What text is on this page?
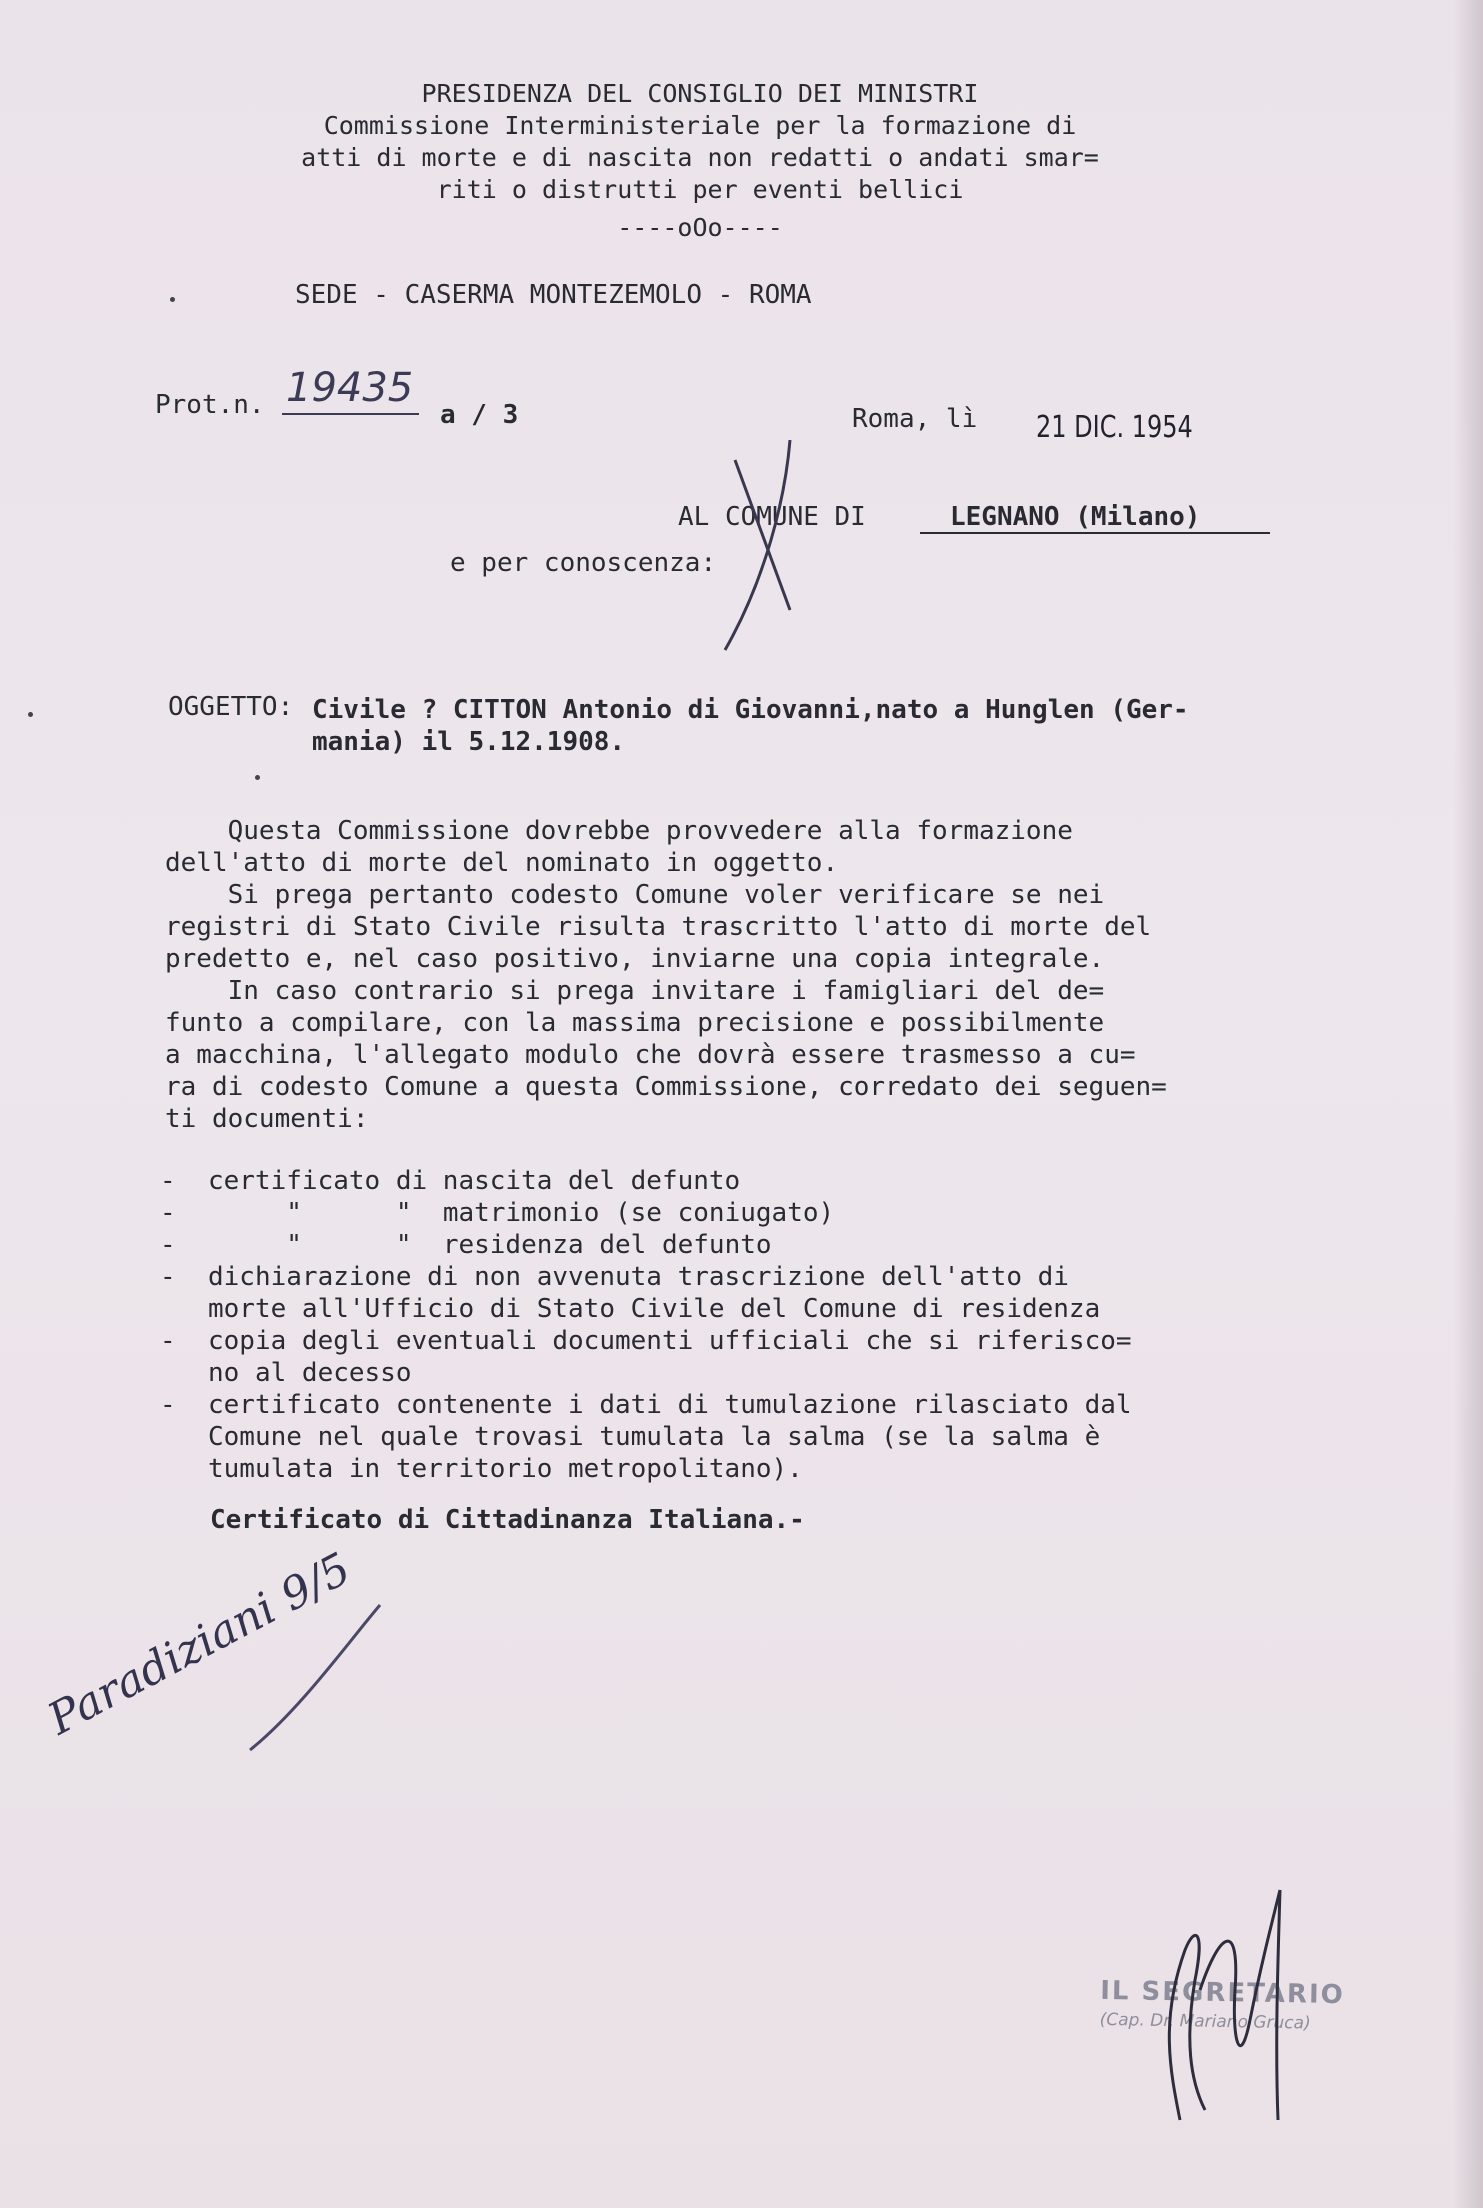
PRESIDENZA DEL CONSIGLIO DEI MINISTRI
Commissione Interministeriale per la formazione di
atti di morte e di nascita non redatti o andati smar=
riti o distrutti per eventi bellici
----oOo----
SEDE - CASERMA MONTEZEMOLO - ROMA
Prot.n. 19435
a / 3	Roma, lì 21 DIC. 1954
AL COMUNE DI	LEGNANO (Milano)
e per conoscenza:
OGGETTO: Civile ? CITTON Antonio di Giovanni,nato a Hunglen (Ger-
mania) il 5.12.1908.
Questa Commissione dovrebbe provvedere alla formazione
dell'atto di morte del nominato in oggetto.
Si prega pertanto codesto Comune voler verificare se nei
registri di Stato Civile risulta trascritto l'atto di morte del
predetto e, nel caso positivo, inviarne una copia integrale.
In caso contrario si prega invitare i famigliari del de=
funto a compilare, con la massima precisione e possibilmente
a macchina, l'allegato modulo che dovrà essere trasmesso a cu=
ra di codesto Comune a questa Commissione, corredato dei seguen=
ti documenti:
-	certificato di nascita del defunto
-	"      "  matrimonio (se coniugato)
-	"      "  residenza del defunto
-	dichiarazione di non avvenuta trascrizione dell'atto di
morte all'Ufficio di Stato Civile del Comune di residenza
-	copia degli eventuali documenti ufficiali che si riferisco=
no al decesso
-	certificato contenente i dati di tumulazione rilasciato dal
Comune nel quale trovasi tumulata la salma (se la salma è
tumulata in territorio metropolitano).
Certificato di Cittadinanza Italiana.-
Paradiziani 9/5
IL SEGRETARIO
(Cap. Dr. Mariano Gruca)
